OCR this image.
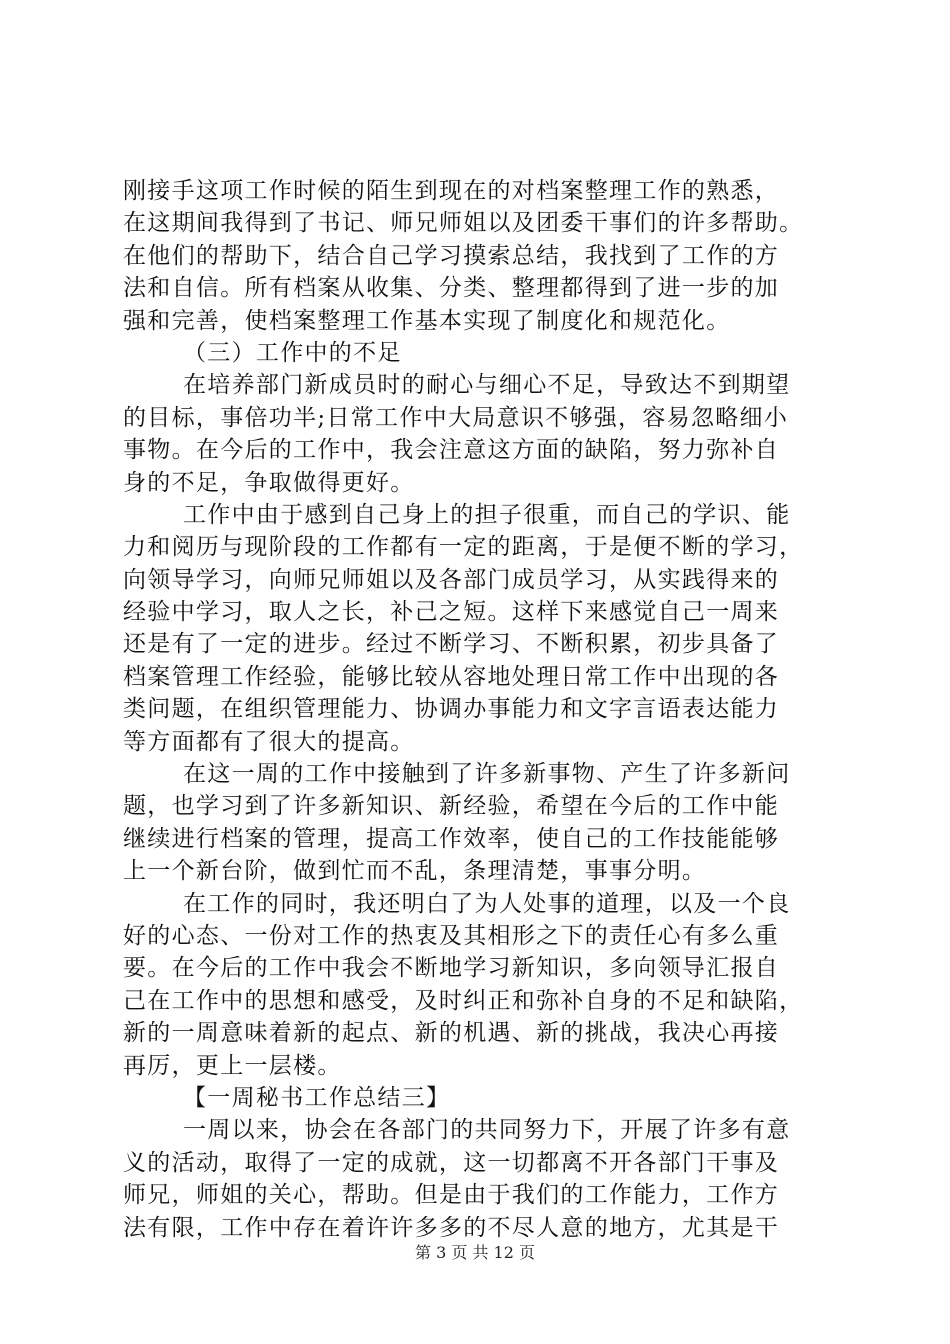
刚接手这项工作时候的陌生到现在的对档案整理工作的熟悉，
在这期间我得到了书记、师兄师姐以及团委干事们的许多帮助。
在他们的帮助下，结合自己学习摸索总结，我找到了工作的方
法和自信。所有档案从收集、分类、整理都得到了进一步的加
强和完善，使档案整理工作基本实现了制度化和规范化。
（三）工作中的不足
在培养部门新成员时的耐心与细心不足，导致达不到期望
的目标，事倍功半;日常工作中大局意识不够强，容易忽略细小
事物。在今后的工作中，我会注意这方面的缺陷，努力弥补自
身的不足，争取做得更好。
工作中由于感到自己身上的担子很重，而自己的学识、能
力和阅历与现阶段的工作都有一定的距离，于是便不断的学习，
向领导学习，向师兄师姐以及各部门成员学习，从实践得来的
经验中学习，取人之长，补己之短。这样下来感觉自己一周来
还是有了一定的进步。经过不断学习、不断积累，初步具备了
档案管理工作经验，能够比较从容地处理日常工作中出现的各
类问题，在组织管理能力、协调办事能力和文字言语表达能力
等方面都有了很大的提高。
在这一周的工作中接触到了许多新事物、产生了许多新问
题，也学习到了许多新知识、新经验，希望在今后的工作中能
继续进行档案的管理，提高工作效率，使自己的工作技能能够
上一个新台阶，做到忙而不乱，条理清楚，事事分明。
在工作的同时，我还明白了为人处事的道理，以及一个良
好的心态、一份对工作的热衷及其相形之下的责任心有多么重
要。在今后的工作中我会不断地学习新知识，多向领导汇报自
己在工作中的思想和感受，及时纠正和弥补自身的不足和缺陷，
新的一周意味着新的起点、新的机遇、新的挑战，我决心再接
再厉，更上一层楼。
【一周秘书工作总结三】
一周以来，协会在各部门的共同努力下，开展了许多有意
义的活动，取得了一定的成就，这一切都离不开各部门干事及
师兄，师姐的关心，帮助。但是由于我们的工作能力，工作方
法有限，工作中存在着许许多多的不尽人意的地方，尤其是干
第 3 页 共 12 页
